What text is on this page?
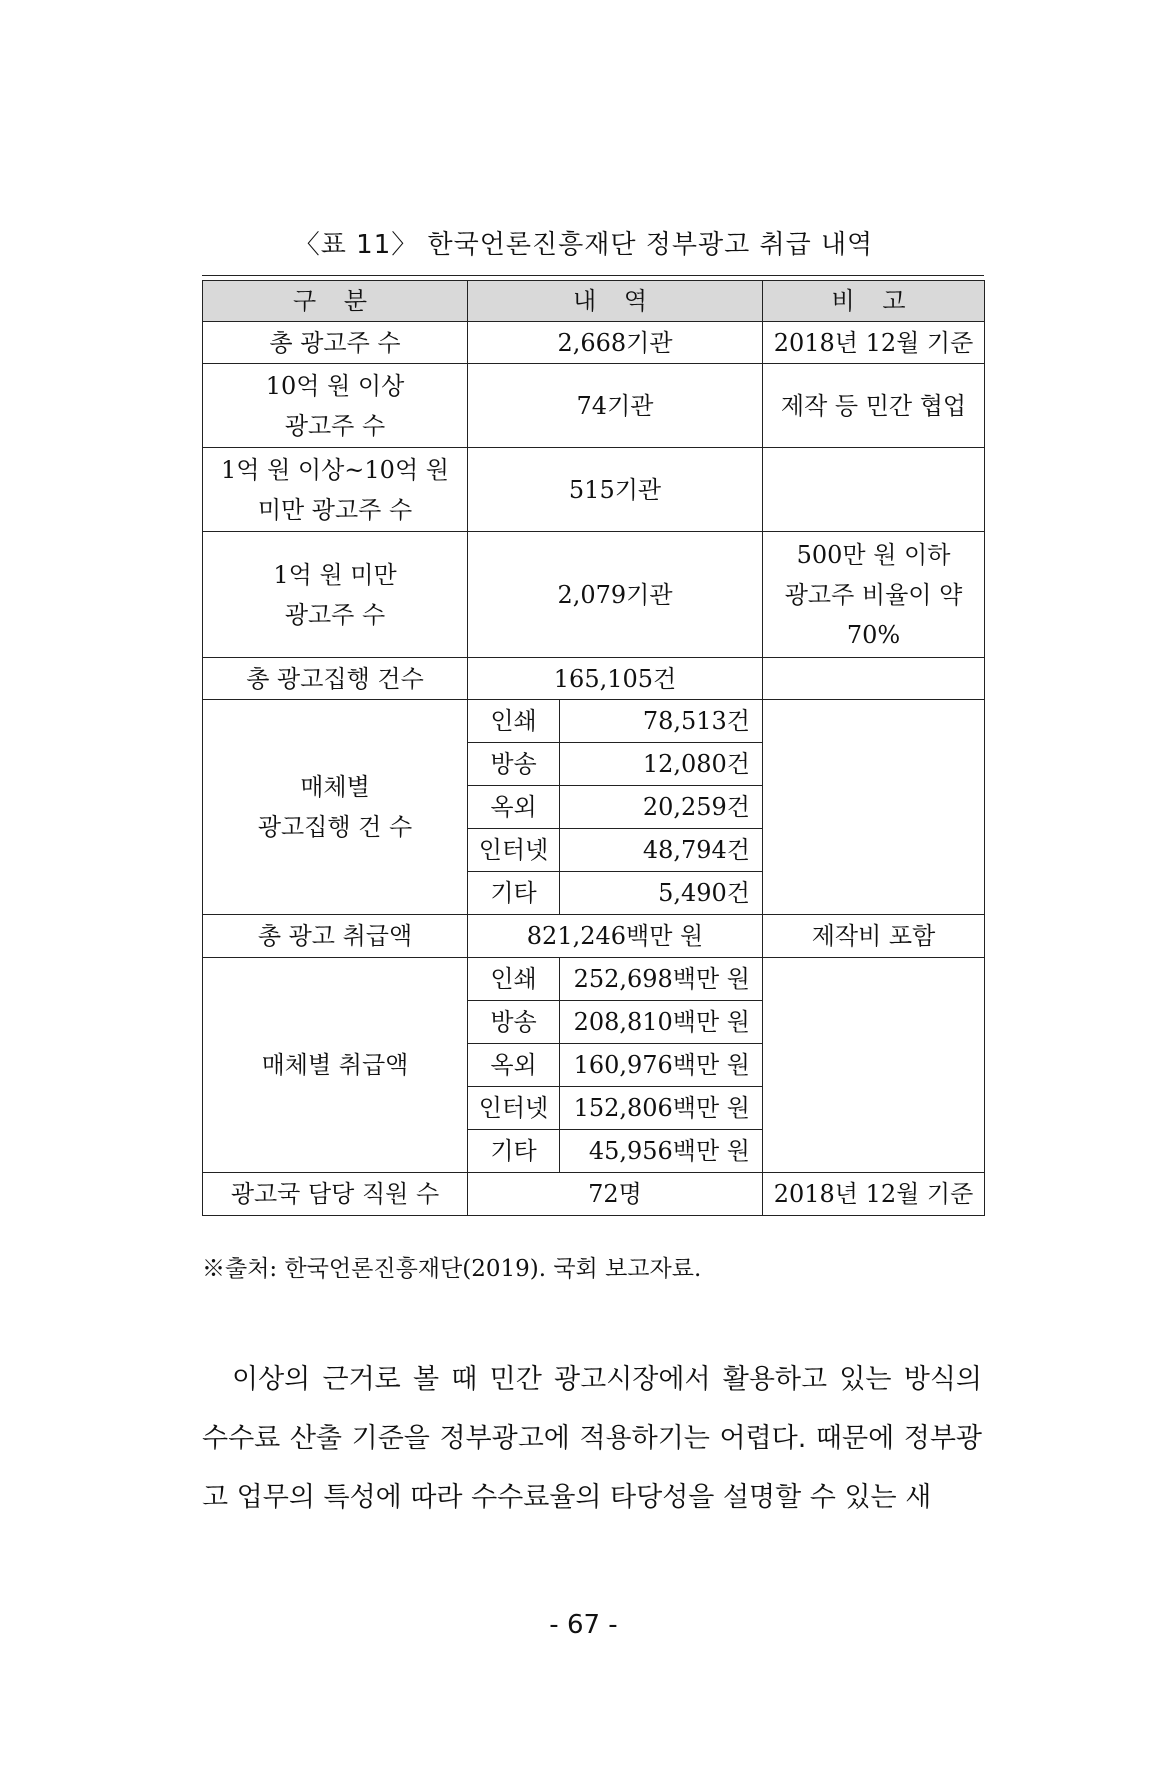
〈표 11〉 한국언론진흥재단 정부광고 취급 내역
구 분	내 역		비 고
총 광고주 수	2,668기관		2018년 12월 기준
10억 원 이상
광고주 수	74기관		제작 등 민간 협업
1억 원 이상~10억 원
미만 광고주 수	515기관		
1억 원 미만
광고주 수	2,079기관		500만 원 이하
광고주 비율이 약
70%
총 광고집행 건수	165,105건		
매체별
광고집행 건 수	인쇄	78,513건	
	방송	12,080건	
	옥외	20,259건	
	인터넷	48,794건	
	기타	5,490건	
총 광고 취급액	821,246백만 원		제작비 포함
매체별 취급액	인쇄	252,698백만 원	
	방송	208,810백만 원	
	옥외	160,976백만 원	
	인터넷	152,806백만 원	
	기타	45,956백만 원	
광고국 담당 직원 수	72명		2018년 12월 기준
※출처: 한국언론진흥재단(2019). 국회 보고자료.

이상의 근거로 볼 때 민간 광고시장에서 활용하고 있는 방식의 수수료 산출 기준을 정부광고에 적용하기는 어렵다. 때문에 정부광고 업무의 특성에 따라 수수료율의 타당성을 설명할 수 있는 새

- 67 -
